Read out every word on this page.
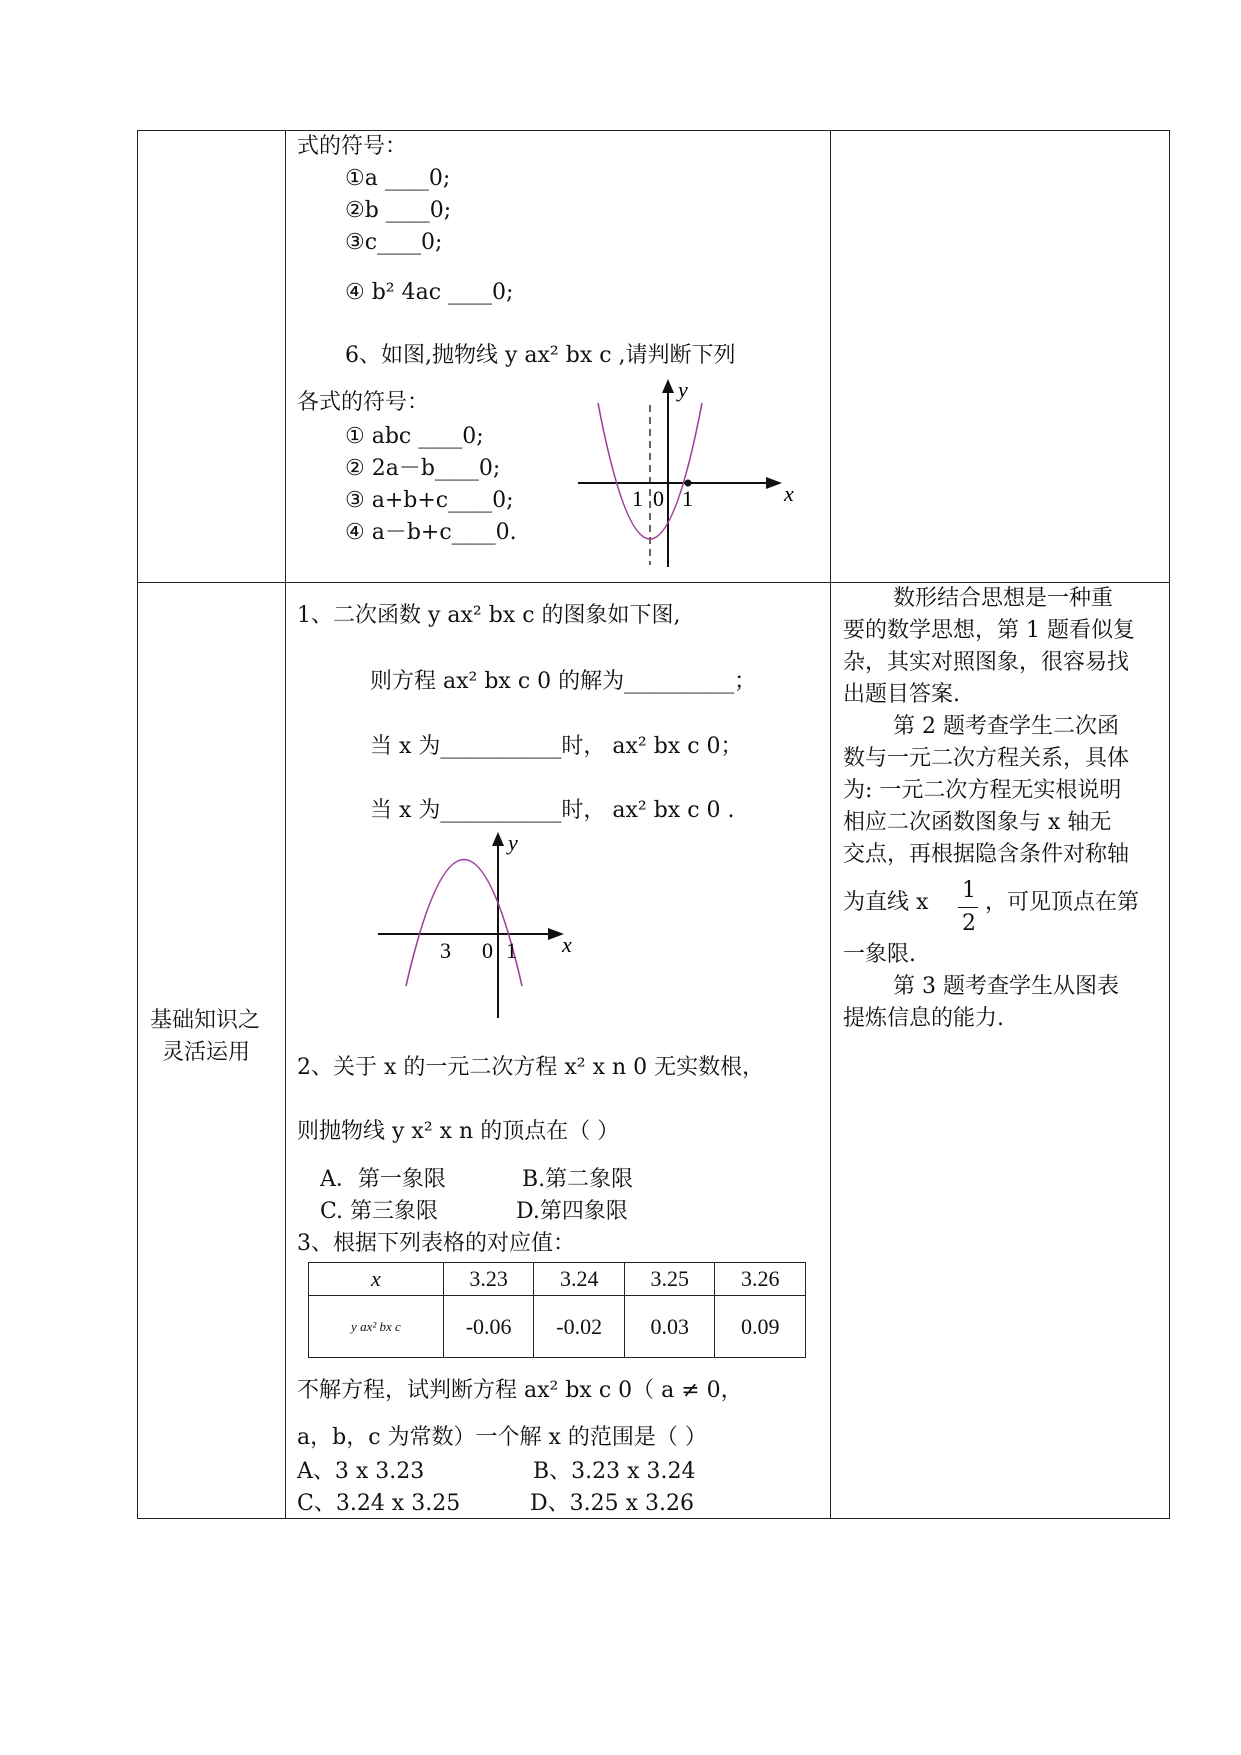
式的符号：
①a ____0;
②b ____0;
③c____0;
④ b² 4ac ____0;
6、如图,抛物线 y ax² bx c ,请判断下列
各式的符号：
① abc ____0;
② 2a－b____0;
③ a+b+c____0;
④ a－b+c____0.
y
x
1 0 1
基础知识之
灵活运用
1、二次函数 y ax² bx c 的图象如下图,
则方程 ax² bx c 0 的解为__________；
当 x 为___________时， ax² bx c 0；
当 x 为___________时， ax² bx c 0 .
y
x
3 0 1
2、关于 x 的一元二次方程 x² x n 0 无实数根，
则抛物线 y x² x n 的顶点在（ ）
A．第一象限	B.第二象限
C. 第三象限	D.第四象限
3、根据下列表格的对应值：
x	3.23	3.24	3.25	3.26
y ax² bx c	-0.06	-0.02	0.03	0.09
不解方程，试判断方程 ax² bx c 0（ a ≠ 0，
a，b，c 为常数）一个解 x 的范围是（ ）
A、3 x 3.23	B、3.23 x 3.24
C、3.24 x 3.25	D、3.25 x 3.26
数形结合思想是一种重
要的数学思想，第 1 题看似复
杂，其实对照图象，很容易找
出题目答案.
第 2 题考查学生二次函
数与一元二次方程关系，具体
为: 一元二次方程无实根说明
相应二次函数图象与 x 轴无
交点，再根据隐含条件对称轴
为直线 x 1
2
，可见顶点在第
一象限.
第 3 题考查学生从图表
提炼信息的能力.
